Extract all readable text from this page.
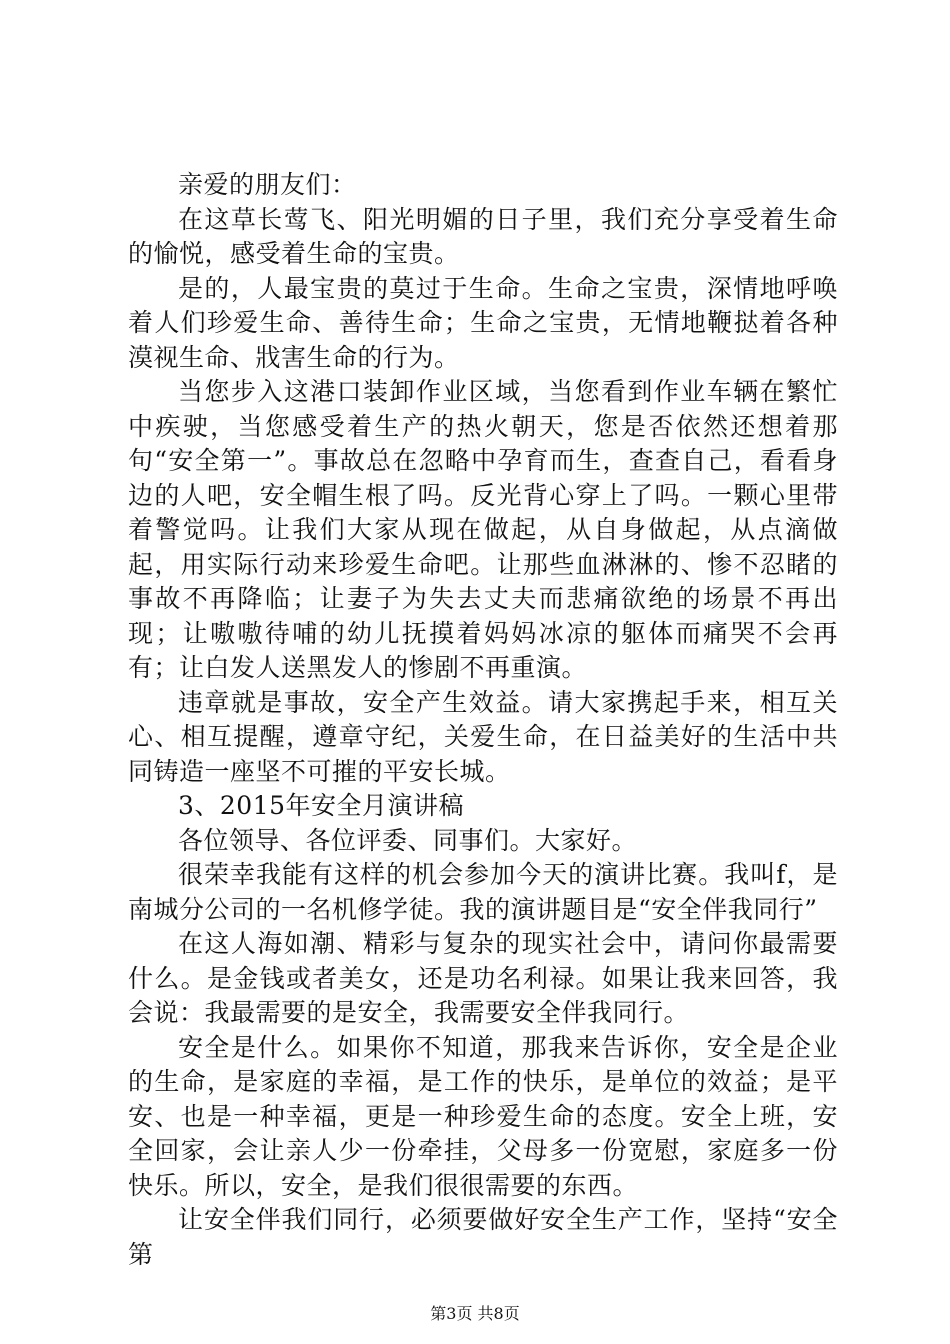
亲爱的朋友们：

在这草长莺飞、阳光明媚的日子里，我们充分享受着生命的愉悦，感受着生命的宝贵。

是的，人最宝贵的莫过于生命。生命之宝贵，深情地呼唤着人们珍爱生命、善待生命；生命之宝贵，无情地鞭挞着各种漠视生命、戕害生命的行为。

当您步入这港口装卸作业区域，当您看到作业车辆在繁忙中疾驶，当您感受着生产的热火朝天，您是否依然还想着那句“安全第一”。事故总在忽略中孕育而生，查查自己，看看身边的人吧，安全帽生根了吗。反光背心穿上了吗。一颗心里带着警觉吗。让我们大家从现在做起，从自身做起，从点滴做起，用实际行动来珍爱生命吧。让那些血淋淋的、惨不忍睹的事故不再降临；让妻子为失去丈夫而悲痛欲绝的场景不再出现；让嗷嗷待哺的幼儿抚摸着妈妈冰凉的躯体而痛哭不会再有；让白发人送黑发人的惨剧不再重演。

违章就是事故，安全产生效益。请大家携起手来，相互关心、相互提醒，遵章守纪，关爱生命，在日益美好的生活中共同铸造一座坚不可摧的平安长城。

3、2015年安全月演讲稿

各位领导、各位评委、同事们。大家好。

很荣幸我能有这样的机会参加今天的演讲比赛。我叫f，是南城分公司的一名机修学徒。我的演讲题目是“安全伴我同行”

在这人海如潮、精彩与复杂的现实社会中，请问你最需要什么。是金钱或者美女，还是功名利禄。如果让我来回答，我会说：我最需要的是安全，我需要安全伴我同行。

安全是什么。如果你不知道，那我来告诉你，安全是企业的生命，是家庭的幸福，是工作的快乐，是单位的效益；是平安、也是一种幸福，更是一种珍爱生命的态度。安全上班，安全回家，会让亲人少一份牵挂，父母多一份宽慰，家庭多一份快乐。所以，安全，是我们很很需要的东西。

让安全伴我们同行，必须要做好安全生产工作，坚持“安全第

第3页 共8页
